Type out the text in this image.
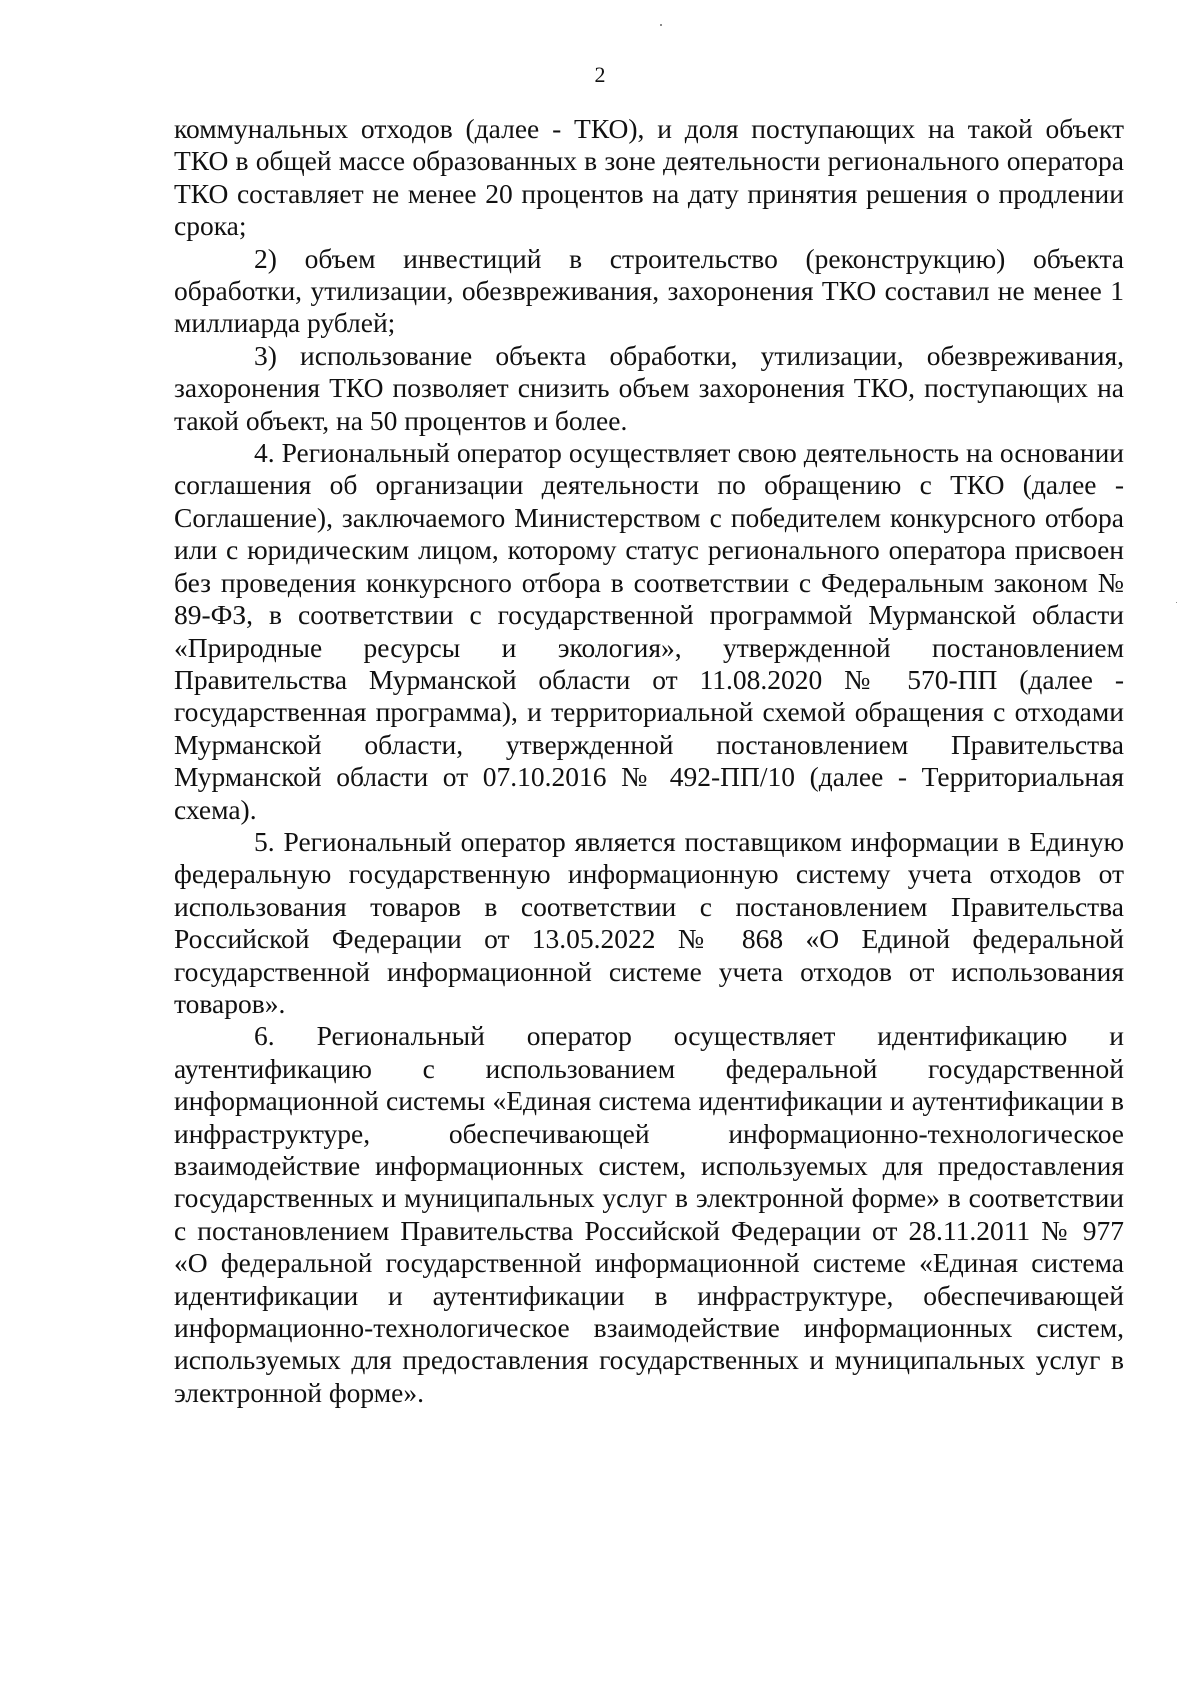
2

коммунальных отходов (далее - ТКО), и доля поступающих на такой объект ТКО в общей массе образованных в зоне деятельности регионального оператора ТКО составляет не менее 20 процентов на дату принятия решения о продлении срока;

2) объем инвестиций в строительство (реконструкцию) объекта обработки, утилизации, обезвреживания, захоронения ТКО составил не менее 1 миллиарда рублей;

3) использование объекта обработки, утилизации, обезвреживания, захоронения ТКО позволяет снизить объем захоронения ТКО, поступающих на такой объект, на 50 процентов и более.

4. Региональный оператор осуществляет свою деятельность на основании соглашения об организации деятельности по обращению с ТКО (далее - Соглашение), заключаемого Министерством с победителем конкурсного отбора или с юридическим лицом, которому статус регионального оператора присвоен без проведения конкурсного отбора в соответствии с Федеральным законом № 89-ФЗ, в соответствии с государственной программой Мурманской области «Природные ресурсы и экология», утвержденной постановлением Правительства Мурманской области от 11.08.2020 № 570-ПП (далее - государственная программа), и территориальной схемой обращения с отходами Мурманской области, утвержденной постановлением Правительства Мурманской области от 07.10.2016 № 492-ПП/10 (далее - Территориальная схема).

5. Региональный оператор является поставщиком информации в Единую федеральную государственную информационную систему учета отходов от использования товаров в соответствии с постановлением Правительства Российской Федерации от 13.05.2022 № 868 «О Единой федеральной государственной информационной системе учета отходов от использования товаров».

6. Региональный оператор осуществляет идентификацию и аутентификацию с использованием федеральной государственной информационной системы «Единая система идентификации и аутентификации в инфраструктуре, обеспечивающей информационно-технологическое взаимодействие информационных систем, используемых для предоставления государственных и муниципальных услуг в электронной форме» в соответствии с постановлением Правительства Российской Федерации от 28.11.2011 № 977 «О федеральной государственной информационной системе «Единая система идентификации и аутентификации в инфраструктуре, обеспечивающей информационно-технологическое взаимодействие информационных систем, используемых для предоставления государственных и муниципальных услуг в электронной форме».
